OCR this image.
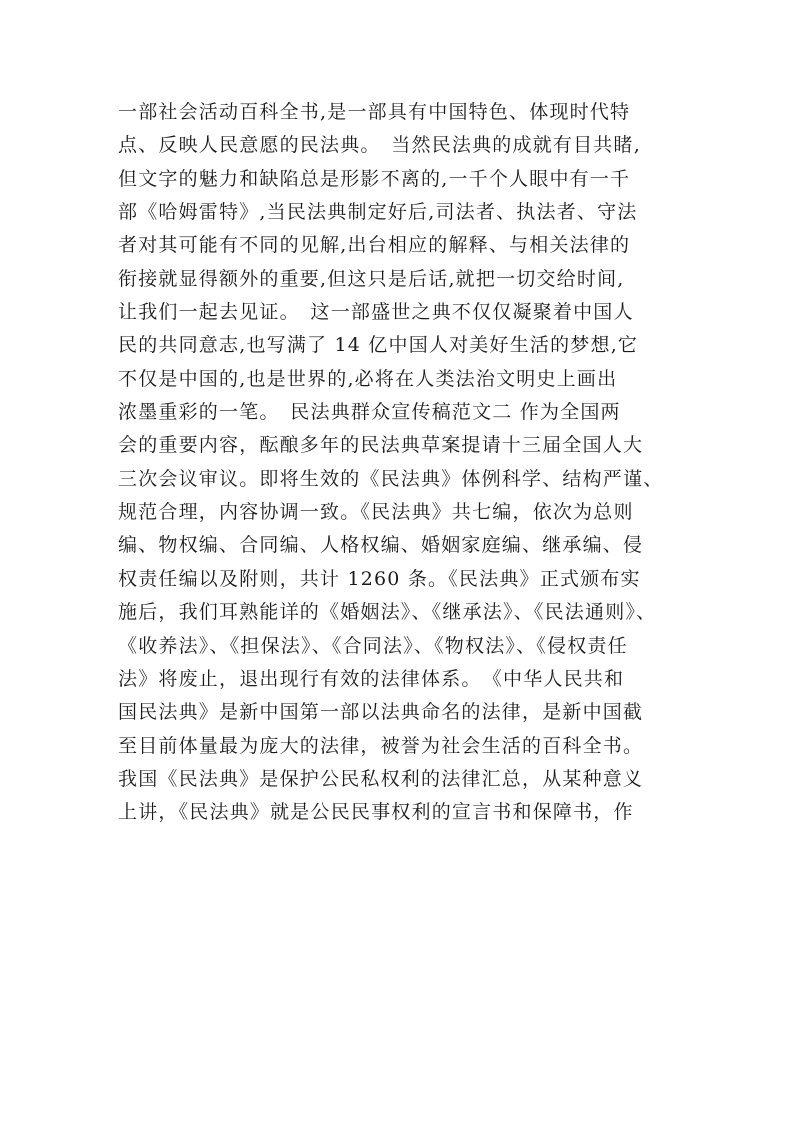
一部社会活动百科全书,是一部具有中国特色、体现时代特
点、反映人民意愿的民法典。　当然民法典的成就有目共睹,
但文字的魅力和缺陷总是形影不离的,一千个人眼中有一千
部《哈姆雷特》,当民法典制定好后,司法者、执法者、守法
者对其可能有不同的见解,出台相应的解释、与相关法律的
衔接就显得额外的重要,但这只是后话,就把一切交给时间,
让我们一起去见证。　这一部盛世之典不仅仅凝聚着中国人
民的共同意志,也写满了 14 亿中国人对美好生活的梦想,它
不仅是中国的,也是世界的,必将在人类法治文明史上画出
浓墨重彩的一笔。　民法典群众宣传稿范文二 作为全国两
会的重要内容，酝酿多年的民法典草案提请十三届全国人大
三次会议审议。即将生效的《民法典》体例科学、结构严谨、
规范合理，内容协调一致。《民法典》共七编，依次为总则
编、物权编、合同编、人格权编、婚姻家庭编、继承编、侵
权责任编以及附则，共计 1260 条。《民法典》正式颁布实
施后，我们耳熟能详的《婚姻法》、《继承法》、《民法通则》、
《收养法》、《担保法》、《合同法》、《物权法》、《侵权责任
法》将废止，退出现行有效的法律体系。　《中华人民共和
国民法典》是新中国第一部以法典命名的法律，是新中国截
至目前体量最为庞大的法律，被誉为社会生活的百科全书。
我国《民法典》是保护公民私权利的法律汇总，从某种意义
上讲，《民法典》就是公民民事权利的宣言书和保障书，作
